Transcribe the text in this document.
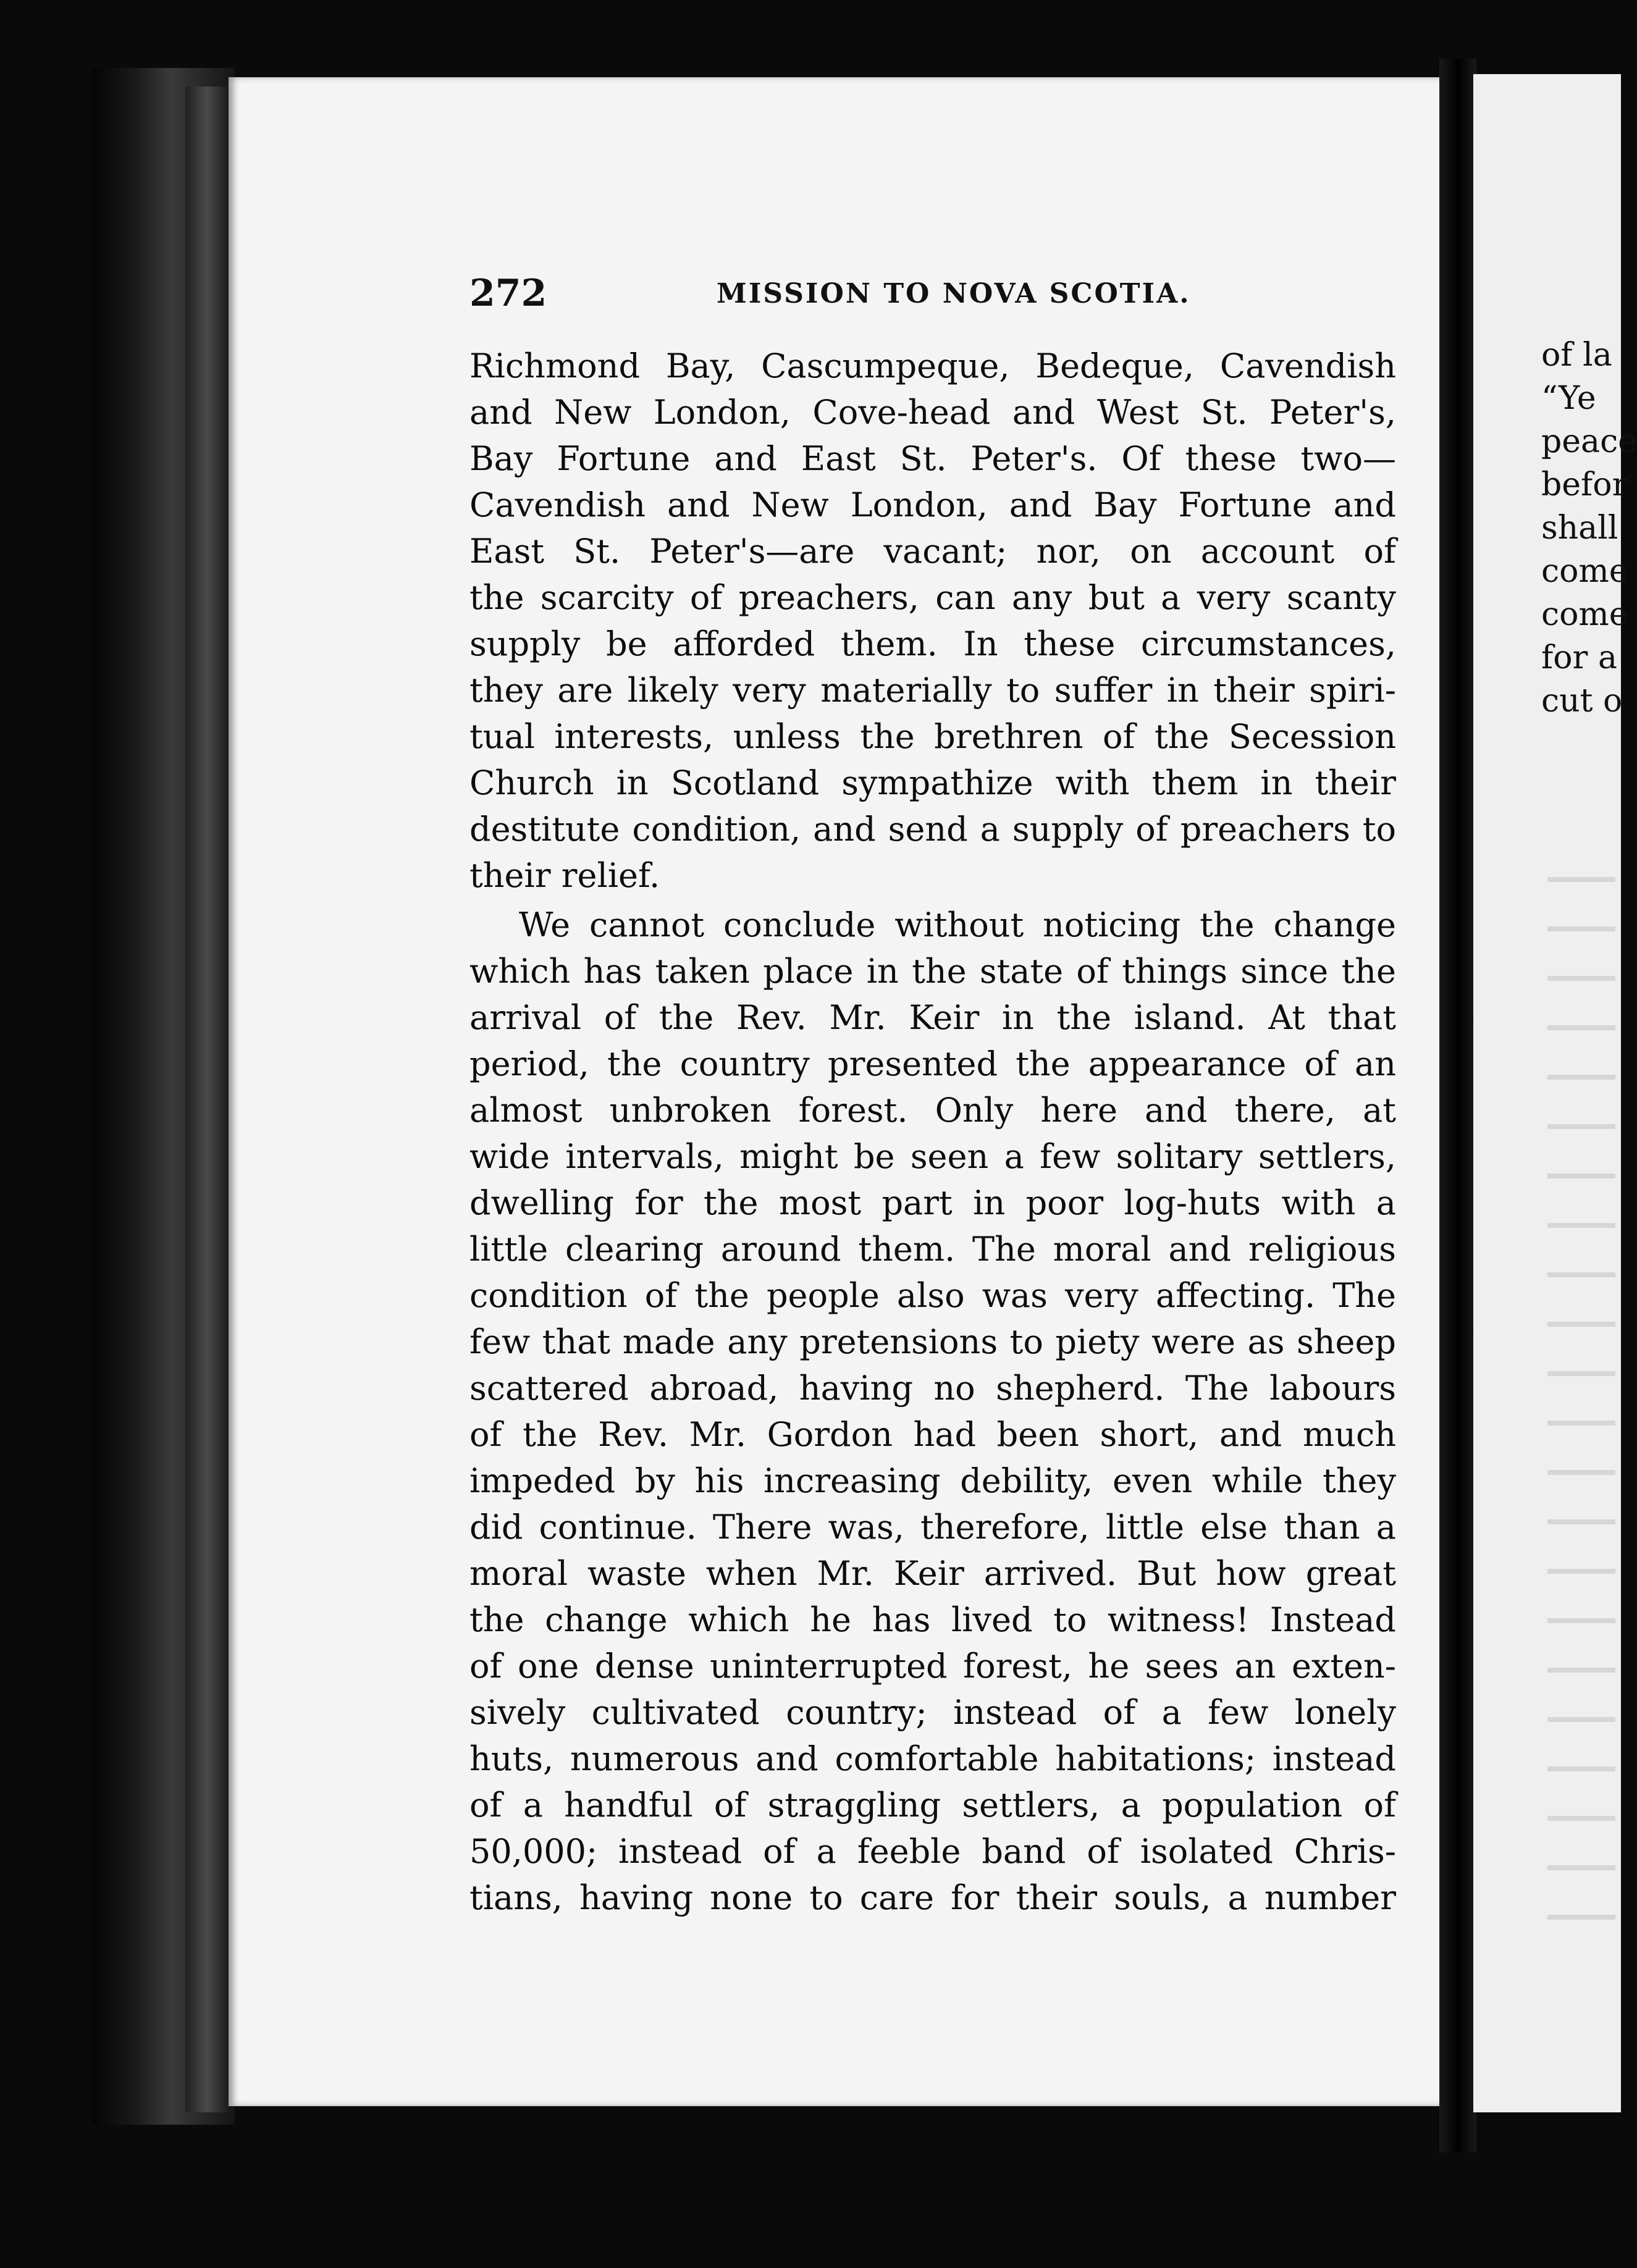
272	MISSION TO NOVA SCOTIA.
Richmond Bay, Cascumpeque, Bedeque, Cavendish
and New London, Cove-head and West St. Peter's,
Bay Fortune and East St. Peter's. Of these two—
Cavendish and New London, and Bay Fortune and
East St. Peter's—are vacant; nor, on account of
the scarcity of preachers, can any but a very scanty
supply be afforded them. In these circumstances,
they are likely very materially to suffer in their spiri-
tual interests, unless the brethren of the Secession
Church in Scotland sympathize with them in their
destitute condition, and send a supply of preachers to
their relief.
We cannot conclude without noticing the change
which has taken place in the state of things since the
arrival of the Rev. Mr. Keir in the island. At that
period, the country presented the appearance of an
almost unbroken forest. Only here and there, at
wide intervals, might be seen a few solitary settlers,
dwelling for the most part in poor log-huts with a
little clearing around them. The moral and religious
condition of the people also was very affecting. The
few that made any pretensions to piety were as sheep
scattered abroad, having no shepherd. The labours
of the Rev. Mr. Gordon had been short, and much
impeded by his increasing debility, even while they
did continue. There was, therefore, little else than a
moral waste when Mr. Keir arrived. But how great
the change which he has lived to witness! Instead
of one dense uninterrupted forest, he sees an exten-
sively cultivated country; instead of a few lonely
huts, numerous and comfortable habitations; instead
of a handful of straggling settlers, a population of
50,000; instead of a feeble band of isolated Chris-
tians, having none to care for their souls, a number
of la
“Ye
peace
befor
shall
come
come
for a
cut o
